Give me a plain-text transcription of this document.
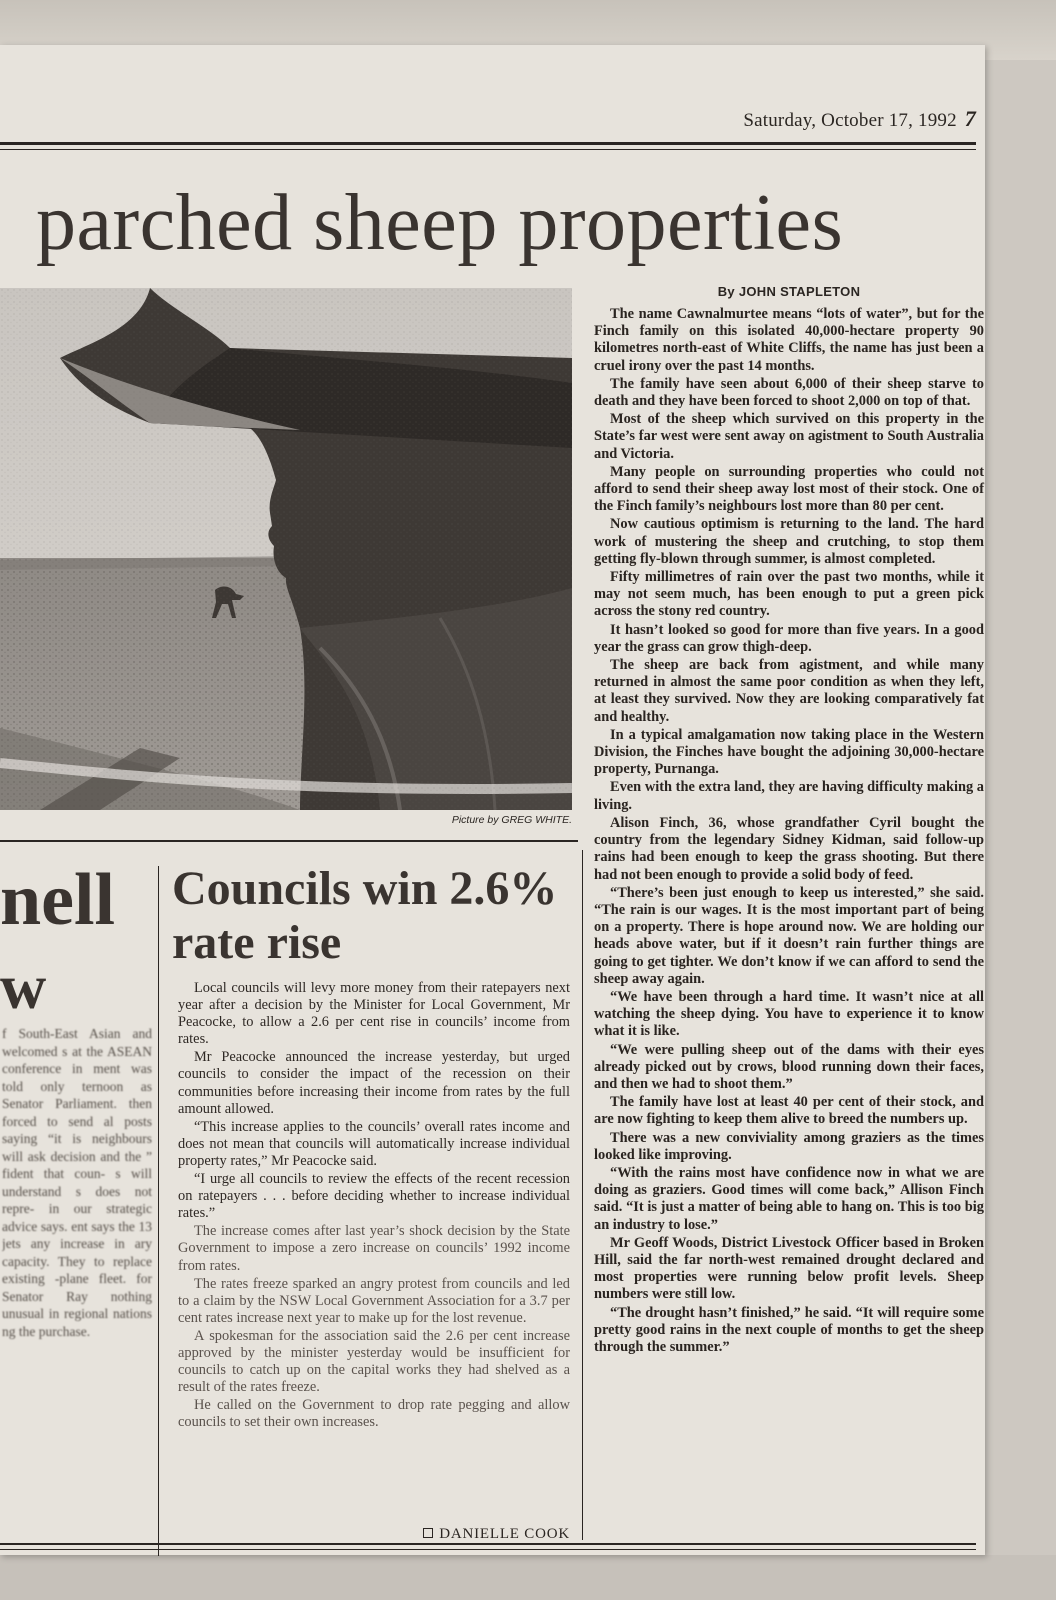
Saturday, October 17, 1992 7
parched sheep properties
Picture by GREG WHITE.
By JOHN STAPLETON

The name Cawnalmurtee means “lots of water”, but for the Finch family on this isolated 40,000-hectare property 90 kilometres north-east of White Cliffs, the name has just been a cruel irony over the past 14 months.

The family have seen about 6,000 of their sheep starve to death and they have been forced to shoot 2,000 on top of that.

Most of the sheep which survived on this property in the State’s far west were sent away on agistment to South Australia and Victoria.

Many people on surrounding properties who could not afford to send their sheep away lost most of their stock. One of the Finch family’s neighbours lost more than 80 per cent.

Now cautious optimism is returning to the land. The hard work of mustering the sheep and crutching, to stop them getting fly-blown through summer, is almost completed.

Fifty millimetres of rain over the past two months, while it may not seem much, has been enough to put a green pick across the stony red country.

It hasn’t looked so good for more than five years. In a good year the grass can grow thigh-deep.

The sheep are back from agistment, and while many returned in almost the same poor condition as when they left, at least they survived. Now they are looking comparatively fat and healthy.

In a typical amalgamation now taking place in the Western Division, the Finches have bought the adjoining 30,000-hectare property, Purnanga.

Even with the extra land, they are having difficulty making a living.

Alison Finch, 36, whose grandfather Cyril bought the country from the legendary Sidney Kidman, said follow-up rains had been enough to keep the grass shooting. But there had not been enough to provide a solid body of feed.

“There’s been just enough to keep us interested,” she said. “The rain is our wages. It is the most important part of being on a property. There is hope around now. We are holding our heads above water, but if it doesn’t rain further things are going to get tighter. We don’t know if we can afford to send the sheep away again.

“We have been through a hard time. It wasn’t nice at all watching the sheep dying. You have to experience it to know what it is like.

“We were pulling sheep out of the dams with their eyes already picked out by crows, blood running down their faces, and then we had to shoot them.”

The family have lost at least 40 per cent of their stock, and are now fighting to keep them alive to breed the numbers up.

There was a new conviviality among graziers as the times looked like improving.

“With the rains most have confidence now in what we are doing as graziers. Good times will come back,” Allison Finch said. “It is just a matter of being able to hang on. This is too big an industry to lose.”

Mr Geoff Woods, District Livestock Officer based in Broken Hill, said the far north-west remained drought declared and most properties were running below profit levels. Sheep numbers were still low.

“The drought hasn’t finished,” he said. “It will require some pretty good rains in the next couple of months to get the sheep through the summer.”

nell
w
f South-East Asian and welcomed s at the ASEAN conference in ment was told only ternoon as Senator Parliament. then forced to send al posts saying “it is neighbours will ask decision and the ” fident that coun- s will understand s does not repre- in our strategic advice says. ent says the 13 jets any increase in ary capacity. They to replace existing -plane fleet. for Senator Ray nothing unusual in regional nations ng the purchase.
Councils win 2.6% rate rise

Local councils will levy more money from their ratepayers next year after a decision by the Minister for Local Government, Mr Peacocke, to allow a 2.6 per cent rise in councils’ income from rates.

Mr Peacocke announced the increase yesterday, but urged councils to consider the impact of the recession on their communities before increasing their income from rates by the full amount allowed.

“This increase applies to the councils’ overall rates income and does not mean that councils will automatically increase individual property rates,” Mr Peacocke said.

“I urge all councils to review the effects of the recent recession on ratepayers . . . before deciding whether to increase individual rates.”

The increase comes after last year’s shock decision by the State Government to impose a zero increase on councils’ 1992 income from rates.

The rates freeze sparked an angry protest from councils and led to a claim by the NSW Local Government Association for a 3.7 per cent rates increase next year to make up for the lost revenue.

A spokesman for the association said the 2.6 per cent increase approved by the minister yesterday would be insufficient for councils to catch up on the capital works they had shelved as a result of the rates freeze.

He called on the Government to drop rate pegging and allow councils to set their own increases.

DANIELLE COOK
